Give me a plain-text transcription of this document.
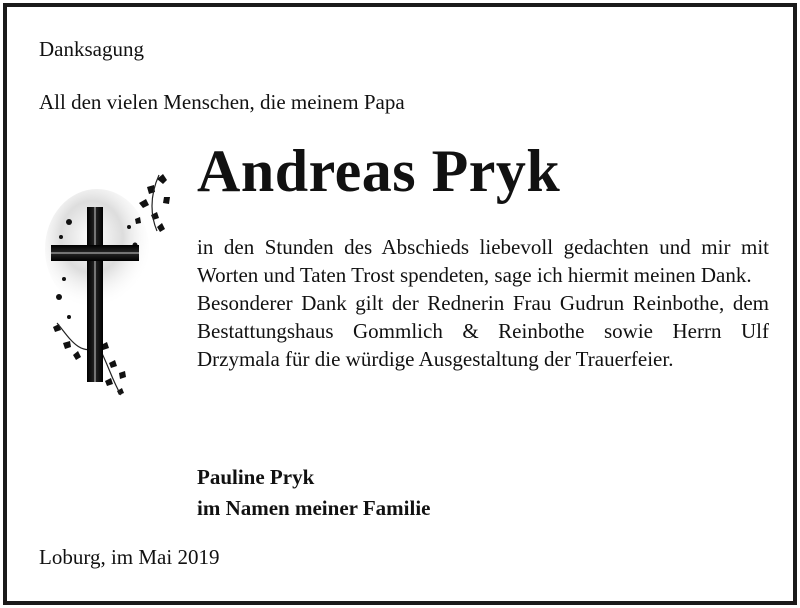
Danksagung
All den vielen Menschen, die meinem Papa
Andreas Pryk

in den Stunden des Abschieds liebevoll gedachten und mir mit Worten und Taten Trost spendeten, sage ich hiermit meinen Dank.

Besonderer Dank gilt der Rednerin Frau Gudrun Reinbothe, dem Bestattungshaus Gommlich & Reinbothe sowie Herrn Ulf Drzymala für die würdige Ausgestaltung der Trauerfeier.

Pauline Pryk
im Namen meiner Familie
Loburg, im Mai 2019
